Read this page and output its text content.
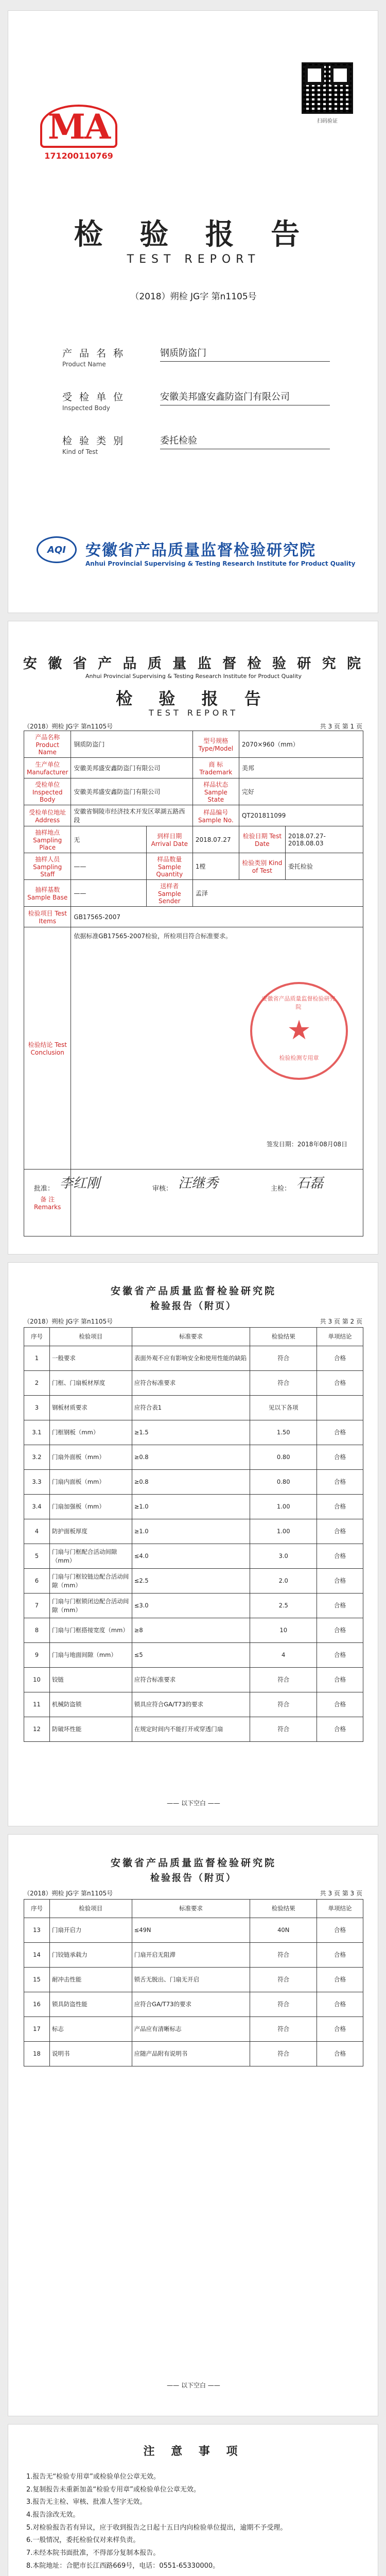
MA
171200110769
扫码验证
检 验 报 告
TEST REPORT
（2018）朔检 JG字 第n1105号
产 品 名 称
Product Name
钢质防盗门
受 检 单 位
Inspected Body
安徽美邦盛安鑫防盗门有限公司
检 验 类 别
Kind of Test
委托检验
AQI 安徽省产品质量监督检验研究院
Anhui Provincial Supervising & Testing Research Institute for Product Quality
安 徽 省 产 品 质 量 监 督 检 验 研 究 院
Anhui Provincial Supervising & Testing Research Institute for Product Quality
检 验 报 告
TEST REPORT
（2018）朔检 JG字 第n1105号	共 3 页 第 1 页
产品名称 Product Name	钢质防盗门		型号规格 Type/Model	2070×960（mm）	
生产单位 Manufacturer	安徽美邦盛安鑫防盗门有限公司		商 标 Trademark	美邦	
受检单位 Inspected Body	安徽美邦盛安鑫防盗门有限公司		样品状态 Sample State	完好	
受检单位地址 Address	安徽省铜陵市经济技术开发区翠湖五路西段		样品编号 Sample No.	QT201811099	
抽样地点 Sampling Place	无	到样日期 Arrival Date	2018.07.27	检验日期 Test Date	2018.07.27-2018.08.03
抽样人员 Sampling Staff	——	样品数量 Sample Quantity	1樘	检验类别 Kind of Test	委托检验
抽样基数 Sample Base	——	送样者 Sample Sender	孟泽		
检验项目 Test Items	GB17565-2007				
检验结论 Test Conclusion	依据标准GB17565-2007检验，所检项目符合标准要求。
签发日期：2018年08月08日				

备 注 Remarks					
安徽省产品质量监督检验研究院
★
检验检测专用章
批准： 李红刚	审核： 汪继秀	主检： 石磊
安徽省产品质量监督检验研究院
检验报告（附页）
（2018）朔检 JG字 第n1105号	共 3 页 第 2 页
序号	检验项目	标准要求	检验结果	单项结论
1	一般要求	表面外观不应有影响安全和使用性能的缺陷	符合	合格
2	门框、门扇板材厚度	应符合标准要求	符合	合格
3	钢板材质要求	应符合表1	见以下各项	
3.1	门框钢板（mm）	≥1.5	1.50	合格
3.2	门扇外面板（mm）	≥0.8	0.80	合格
3.3	门扇内面板（mm）	≥0.8	0.80	合格
3.4	门扇加强板（mm）	≥1.0	1.00	合格
4	防护面板厚度	≥1.0	1.00	合格
5	门扇与门框配合活动间隙（mm）	≤4.0	3.0	合格
6	门扇与门框铰链边配合活动间隙（mm）	≤2.5	2.0	合格
7	门扇与门框锁闭边配合活动间隙（mm）	≤3.0	2.5	合格
8	门扇与门框搭接宽度（mm）	≥8	10	合格
9	门扇与地面间隙（mm）	≤5	4	合格
10	铰链	应符合标准要求	符合	合格
11	机械防盗锁	锁具应符合GA/T73的要求	符合	合格
12	防破坏性能	在规定时间内不能打开或穿透门扇	符合	合格
—— 以下空白 ——
安徽省产品质量监督检验研究院
检验报告（附页）
（2018）朔检 JG字 第n1105号	共 3 页 第 3 页
序号	检验项目	标准要求	检验结果	单项结论
13	门扇开启力	≤49N	40N	合格
14	门铰链承载力	门扇开启无阻滞	符合	合格
15	耐冲击性能	锁舌无脱出、门扇无开启	符合	合格
16	锁具防盗性能	应符合GA/T73的要求	符合	合格
17	标志	产品应有清晰标志	符合	合格
18	说明书	应随产品附有说明书	符合	合格
—— 以下空白 ——
注 意 事 项
1.报告无“检验专用章”或检验单位公章无效。
2.复制报告未重新加盖“检验专用章”或检验单位公章无效。
3.报告无主检、审核、批准人签字无效。
4.报告涂改无效。
5.对检验报告若有异议，应于收到报告之日起十五日内向检验单位提出，逾期不予受理。
6.一般情况，委托检验仅对来样负责。
7.未经本院书面批准，不得部分复制本报告。
8.本院地址：合肥市长江西路669号，电话：0551-65330000。
